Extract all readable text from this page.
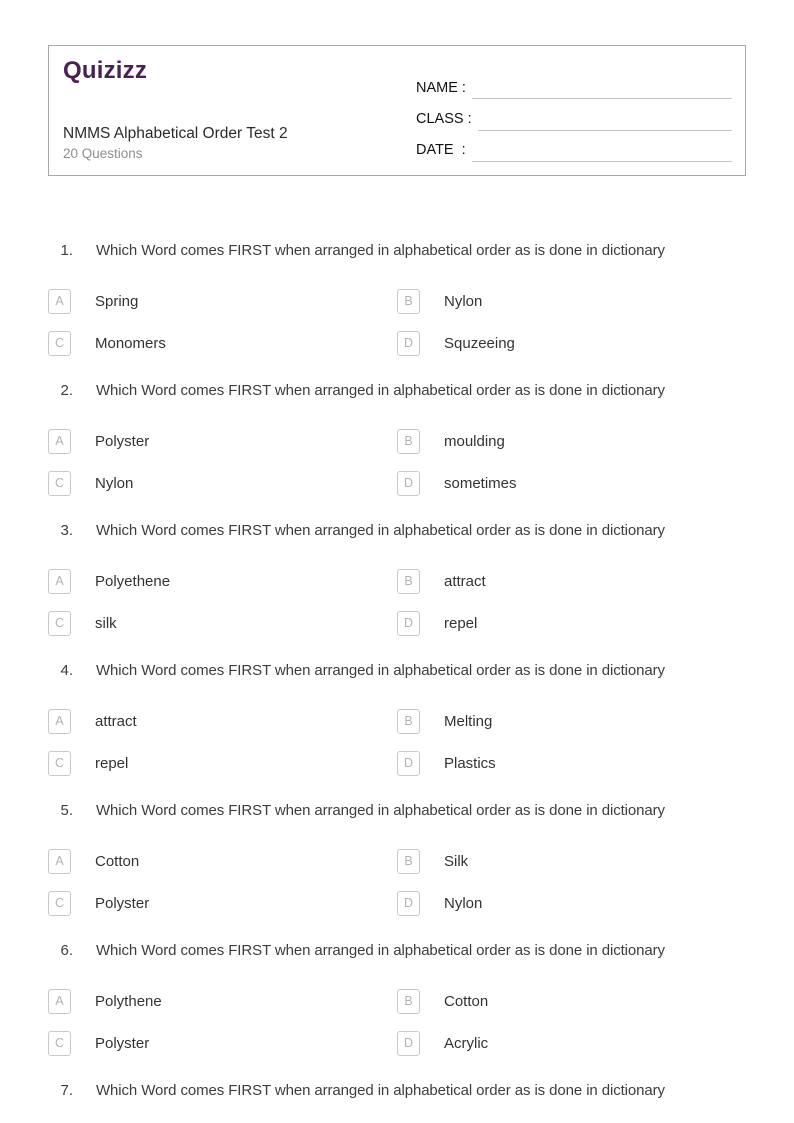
Quizizz
NMMS Alphabetical Order Test 2
20 Questions
NAME :
CLASS :
DATE  :
1. Which Word comes FIRST when arranged in alphabetical order as is done in dictionary
A	Spring	B	Nylon
C	Monomers	D	Squzeeing
2. Which Word comes FIRST when arranged in alphabetical order as is done in dictionary
A	Polyster	B	moulding
C	Nylon	D	sometimes
3. Which Word comes FIRST when arranged in alphabetical order as is done in dictionary
A	Polyethene	B	attract
C	silk	D	repel
4. Which Word comes FIRST when arranged in alphabetical order as is done in dictionary
A	attract	B	Melting
C	repel	D	Plastics
5. Which Word comes FIRST when arranged in alphabetical order as is done in dictionary
A	Cotton	B	Silk
C	Polyster	D	Nylon
6. Which Word comes FIRST when arranged in alphabetical order as is done in dictionary
A	Polythene	B	Cotton
C	Polyster	D	Acrylic
7. Which Word comes FIRST when arranged in alphabetical order as is done in dictionary
